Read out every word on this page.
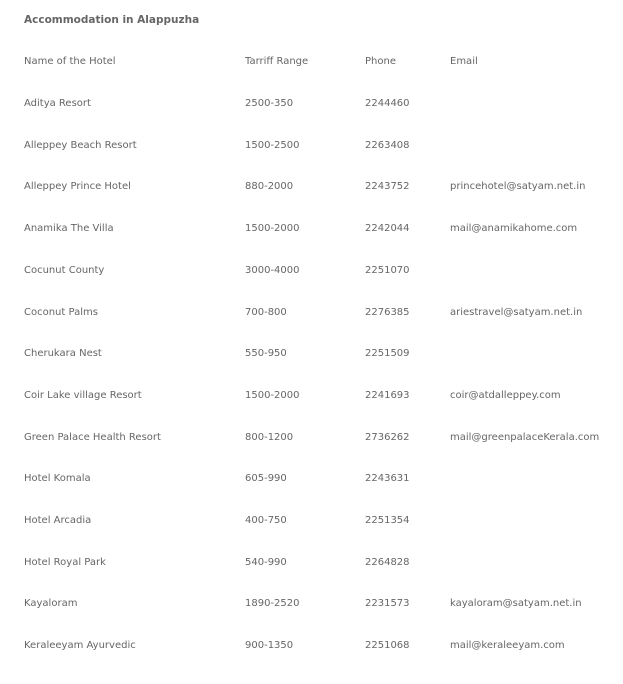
Accommodation in Alappuzha
Name of the Hotel	Tarriff Range	Phone	Email
Aditya Resort	2500-350	2244460
Alleppey Beach Resort	1500-2500	2263408
Alleppey Prince Hotel	880-2000	2243752	princehotel@satyam.net.in
Anamika The Villa	1500-2000	2242044	mail@anamikahome.com
Cocunut County	3000-4000	2251070
Coconut Palms	700-800	2276385	ariestravel@satyam.net.in
Cherukara Nest	550-950	2251509
Coir Lake village Resort	1500-2000	2241693	coir@atdalleppey.com
Green Palace Health Resort	800-1200	2736262	mail@greenpalaceKerala.com
Hotel Komala	605-990	2243631
Hotel Arcadia	400-750	2251354
Hotel Royal Park	540-990	2264828
Kayaloram	1890-2520	2231573	kayaloram@satyam.net.in
Keraleeyam Ayurvedic	900-1350	2251068	mail@keraleeyam.com
